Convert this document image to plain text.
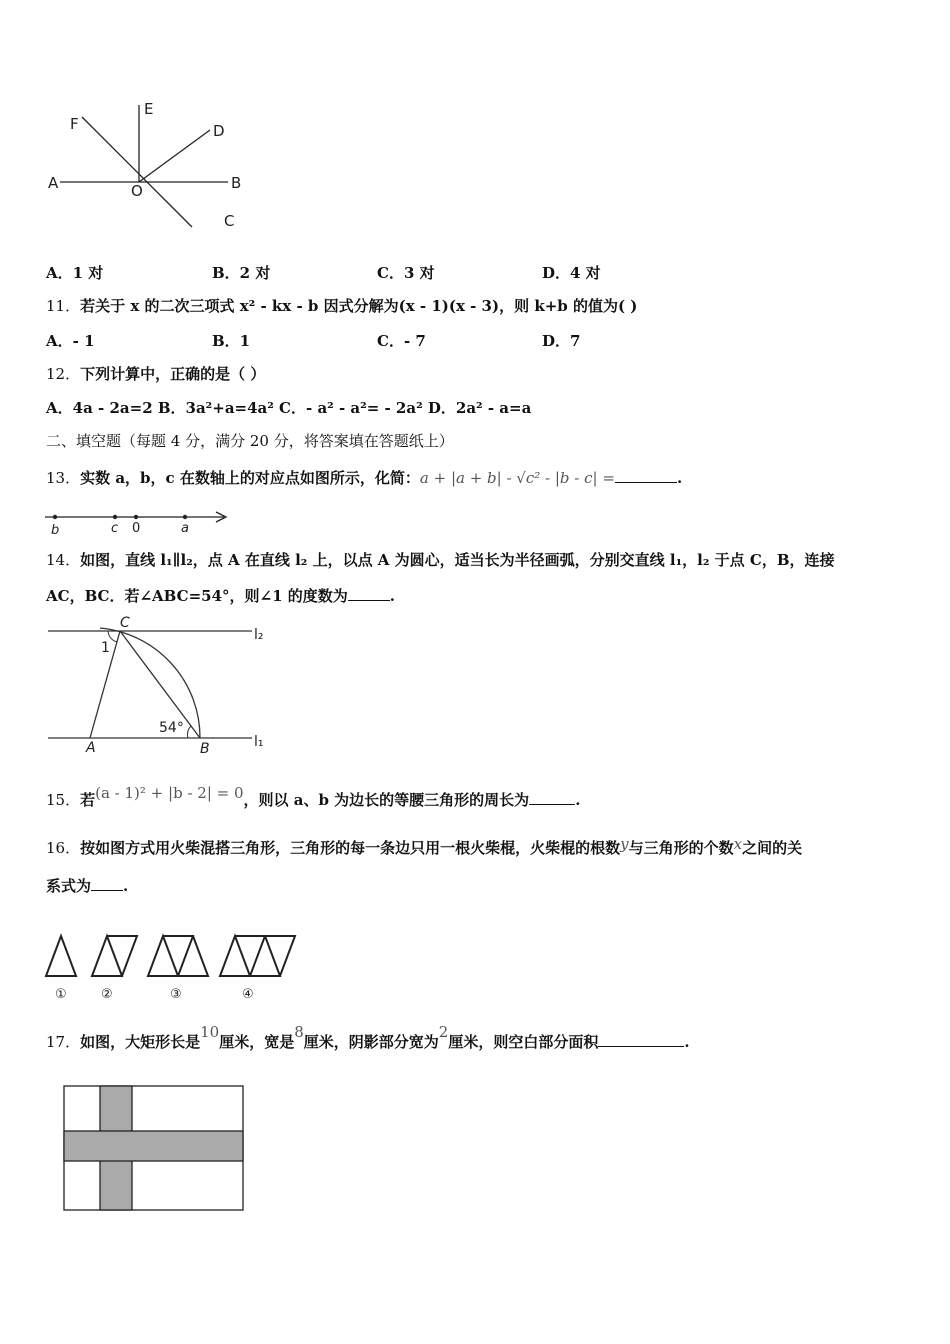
A	B
E
F	D
O
C
A．1 对	B．2 对	C．3 对	D．4 对
11．若关于 x 的二次三项式 x² - kx - b 因式分解为(x - 1)(x - 3)，则 k+b 的值为( )
A．- 1	B．1	C．- 7	D．7
12．下列计算中，正确的是（ ）
A．4a - 2a=2 B．3a²+a=4a² C．- a² - a²= - 2a² D．2a² - a=a
二、填空题（每题 4 分，满分 20 分，将答案填在答题纸上）
13．实数 a，b，c 在数轴上的对应点如图所示，化简：a + |a + b| - √c² - |b - c| =	.
b	c 0	a
14．如图，直线 l₁∥l₂，点 A 在直线 l₂ 上，以点 A 为圆心，适当长为半径画弧，分别交直线 l₁，l₂ 于点 C，B，连接
AC，BC．若∠ABC=54°，则∠1 的度数为	.
C
A	B
l₂
l₁
1
54°
15．若(a - 1)² + |b - 2| = 0，则以 a、b 为边长的等腰三角形的周长为	.
16．按如图方式用火柴混搭三角形，三角形的每一条边只用一根火柴棍，火柴棍的根数y与三角形的个数x之间的关
系式为 .
①	②	③	④
17．如图，大矩形长是10厘米，宽是8厘米，阴影部分宽为2厘米，则空白部分面积	.
